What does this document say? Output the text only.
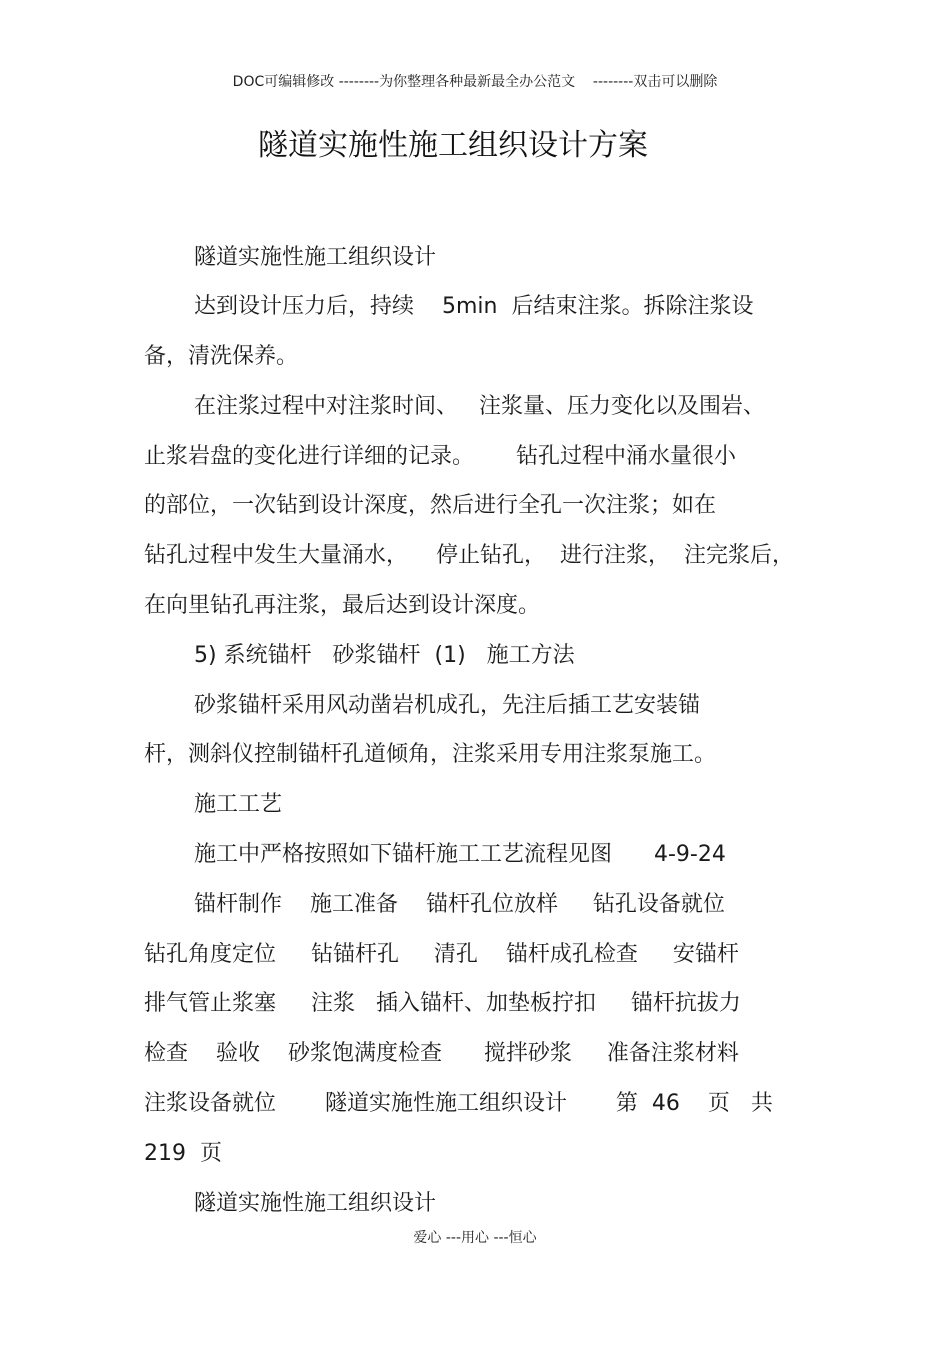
DOC可编辑修改 --------为你整理各种最新最全办公范文    --------双击可以删除
隧道实施性施工组织设计方案
隧道实施性施工组织设计
达到设计压力后，持续    5min  后结束注浆。拆除注浆设
备，清洗保养。
在注浆过程中对注浆时间、   注浆量、压力变化以及围岩、
止浆岩盘的变化进行详细的记录。      钻孔过程中涌水量很小
的部位，一次钻到设计深度，然后进行全孔一次注浆；如在
钻孔过程中发生大量涌水，    停止钻孔，  进行注浆，  注完浆后，
在向里钻孔再注浆，最后达到设计深度。
5) 系统锚杆   砂浆锚杆  (1)   施工方法
砂浆锚杆采用风动凿岩机成孔，先注后插工艺安装锚
杆，测斜仪控制锚杆孔道倾角，注浆采用专用注浆泵施工。
施工工艺
施工中严格按照如下锚杆施工工艺流程见图      4-9-24
锚杆制作    施工准备    锚杆孔位放样     钻孔设备就位
钻孔角度定位     钻锚杆孔     清孔    锚杆成孔检查     安锚杆
排气管止浆塞     注浆   插入锚杆、加垫板拧扣     锚杆抗拔力
检查    验收    砂浆饱满度检查      搅拌砂浆     准备注浆材料
注浆设备就位       隧道实施性施工组织设计       第  46    页   共
219  页
隧道实施性施工组织设计
爱心 ---用心 ---恒心
